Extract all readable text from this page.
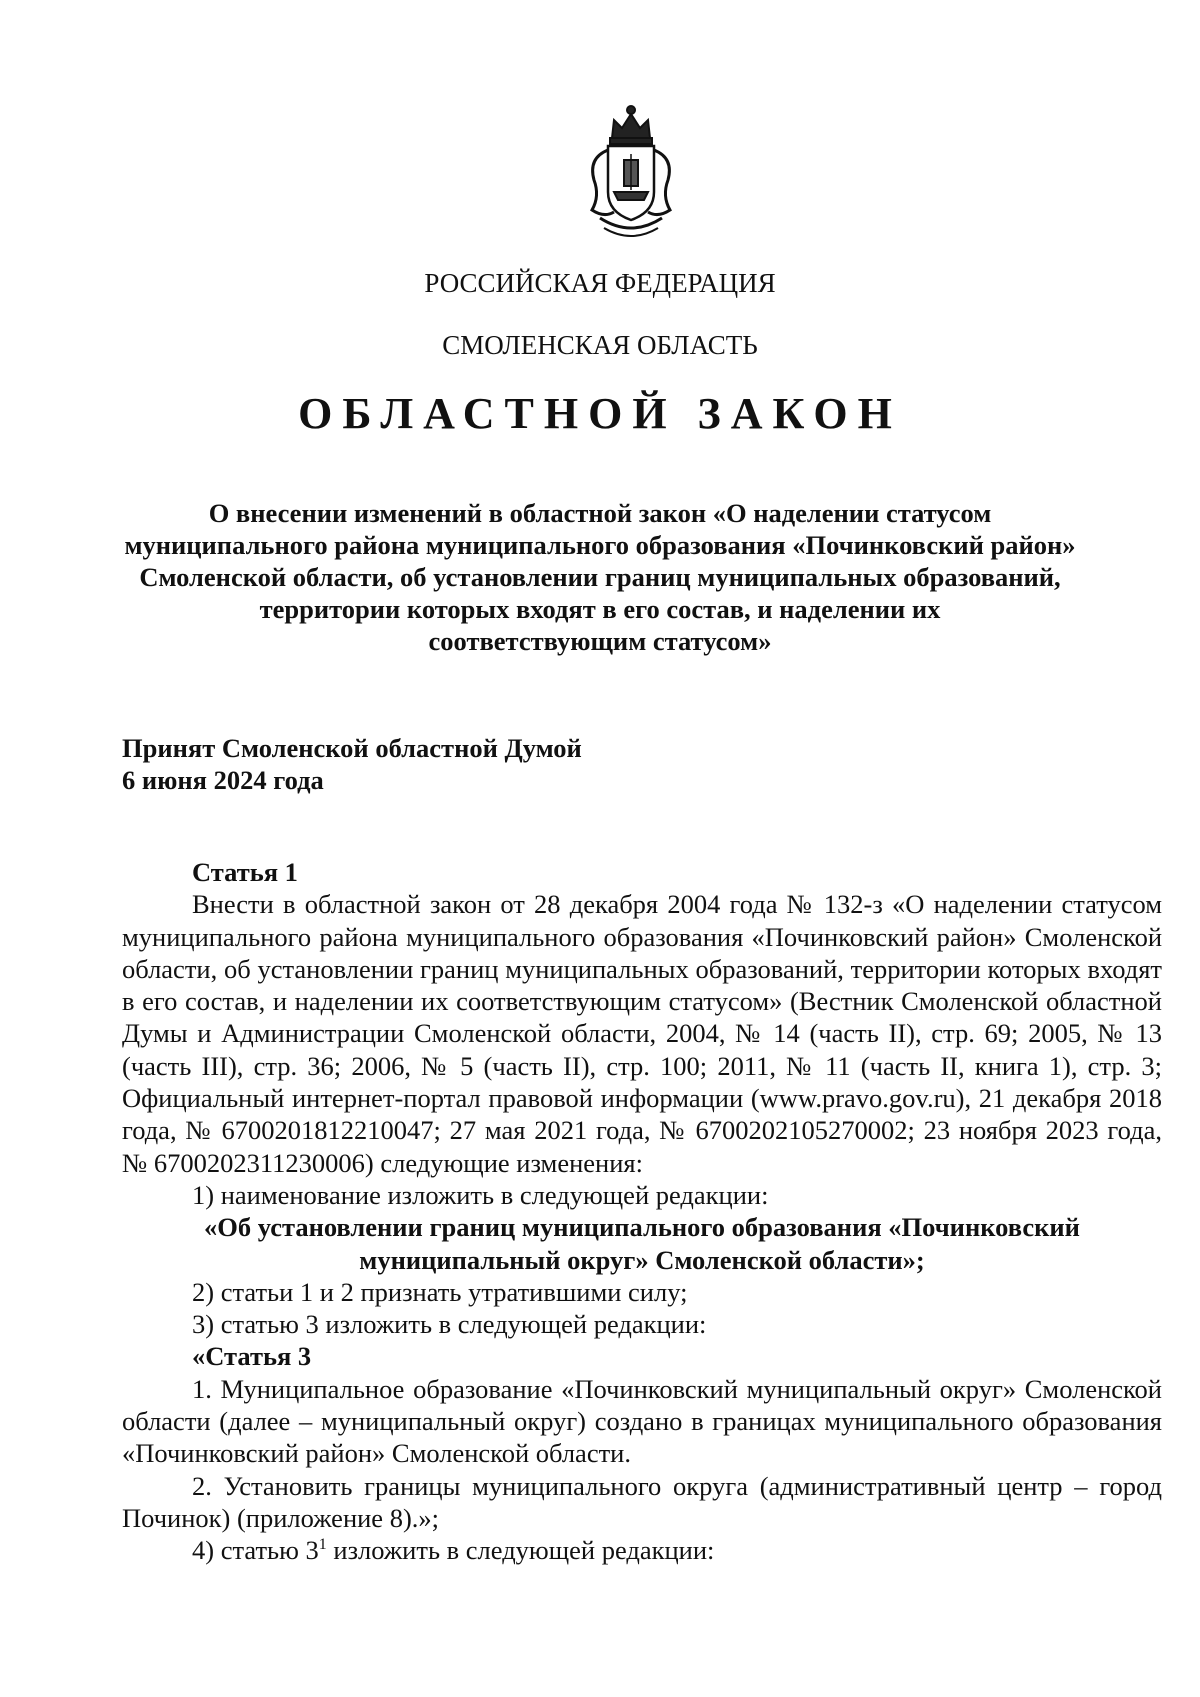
РОССИЙСКАЯ ФЕДЕРАЦИЯ
СМОЛЕНСКАЯ ОБЛАСТЬ
ОБЛАСТНОЙ ЗАКОН
О внесении изменений в областной закон «О наделении статусом
муниципального района муниципального образования «Починковский район»
Смоленской области, об установлении границ муниципальных образований,
территории которых входят в его состав, и наделении их
соответствующим статусом»
Принят Смоленской областной Думой
6 июня 2024 года

Статья 1

Внести в областной закон от 28 декабря 2004 года № 132-з «О наделении статусом муниципального района муниципального образования «Починковский район» Смоленской области, об установлении границ муниципальных образований, территории которых входят в его состав, и наделении их соответствующим статусом» (Вестник Смоленской областной Думы и Администрации Смоленской области, 2004, № 14 (часть II), стр. 69; 2005, № 13 (часть III), стр. 36; 2006, № 5 (часть II), стр. 100; 2011, № 11 (часть II, книга 1), стр. 3; Официальный интернет-портал правовой информации (www.pravo.gov.ru), 21 декабря 2018 года, № 6700201812210047; 27 мая 2021 года, № 6700202105270002; 23 ноября 2023 года, № 6700202311230006) следующие изменения:

1) наименование изложить в следующей редакции:

«Об установлении границ муниципального образования «Починковский

муниципальный округ» Смоленской области»;

2) статьи 1 и 2 признать утратившими силу;

3) статью 3 изложить в следующей редакции:

«Статья 3

1. Муниципальное образование «Починковский муниципальный округ» Смоленской области (далее – муниципальный округ) создано в границах муниципального образования «Починковский район» Смоленской области.

2. Установить границы муниципального округа (административный центр – город Починок) (приложение 8).»;

4) статью $3^1$ изложить в следующей редакции:
